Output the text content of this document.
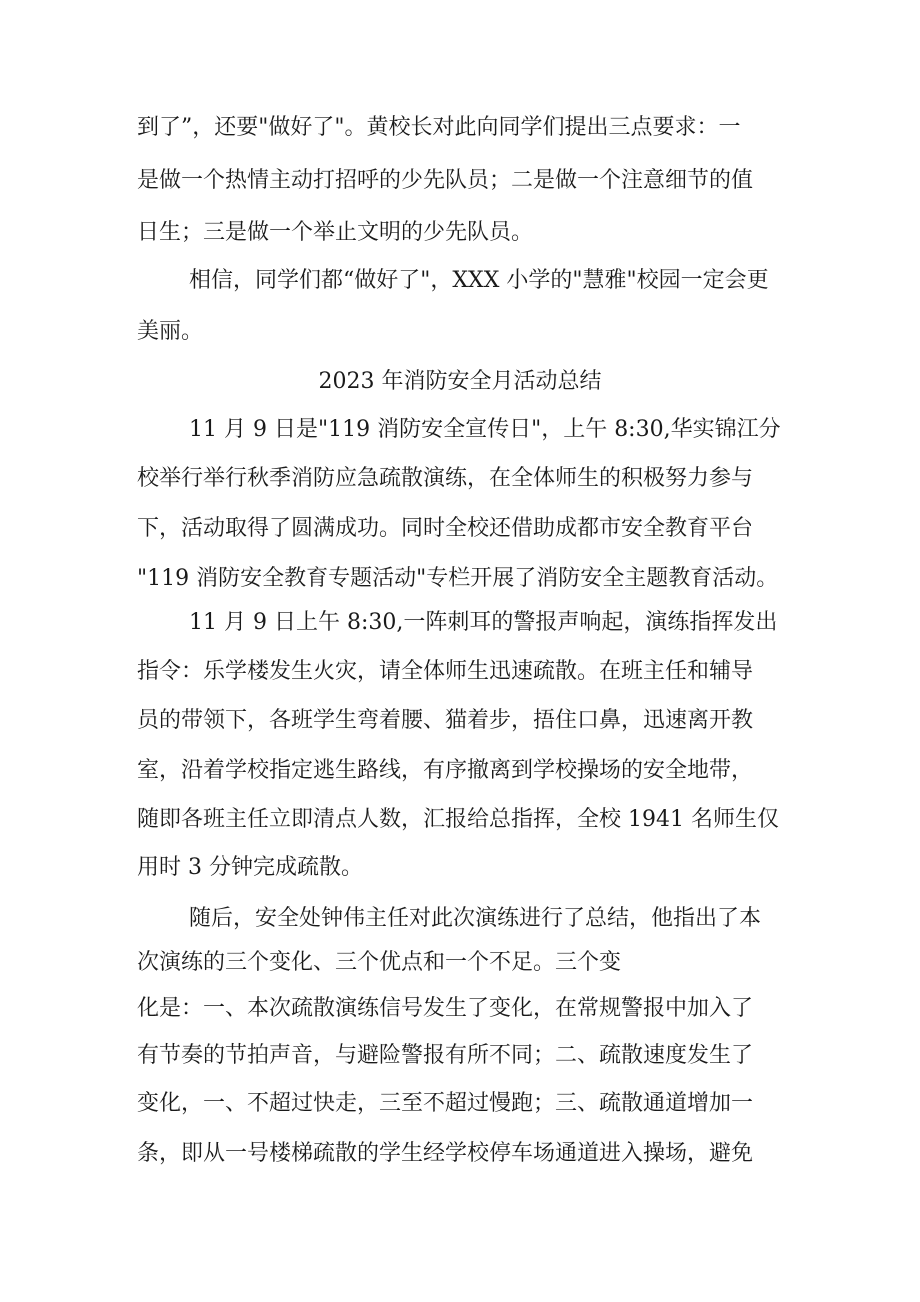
到了”，还要"做好了"。黄校长对此向同学们提出三点要求：一
是做一个热情主动打招呼的少先队员；二是做一个注意细节的值
日生；三是做一个举止文明的少先队员。
相信，同学们都“做好了"，XXX 小学的"慧雅"校园一定会更
美丽。
2023 年消防安全月活动总结
11 月 9 日是"119 消防安全宣传日"，上午 8:30,华实锦江分
校举行举行秋季消防应急疏散演练，在全体师生的积极努力参与
下，活动取得了圆满成功。同时全校还借助成都市安全教育平台
"119 消防安全教育专题活动"专栏开展了消防安全主题教育活动。
11 月 9 日上午 8:30,一阵刺耳的警报声响起，演练指挥发出
指令：乐学楼发生火灾，请全体师生迅速疏散。在班主任和辅导
员的带领下，各班学生弯着腰、猫着步，捂住口鼻，迅速离开教
室，沿着学校指定逃生路线，有序撤离到学校操场的安全地带，
随即各班主任立即清点人数，汇报给总指挥，全校 1941 名师生仅
用时 3 分钟完成疏散。
随后，安全处钟伟主任对此次演练进行了总结，他指出了本
次演练的三个变化、三个优点和一个不足。三个变
化是：一、本次疏散演练信号发生了变化，在常规警报中加入了
有节奏的节拍声音，与避险警报有所不同；二、疏散速度发生了
变化，一、不超过快走，三至不超过慢跑；三、疏散通道增加一
条，即从一号楼梯疏散的学生经学校停车场通道进入操场，避免
